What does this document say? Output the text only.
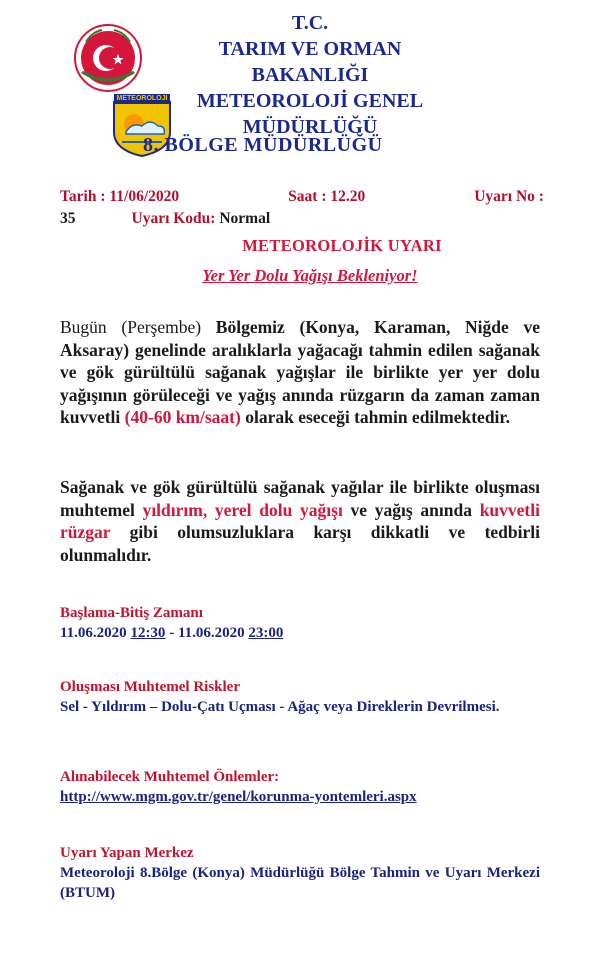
METEOROLOJI
T.C.
TARIM VE ORMAN
BAKANLIĞI
METEOROLOJİ GENEL
MÜDÜRLÜĞÜ
8. BÖLGE MÜDÜRLÜĞÜ
Tarih : 11/06/2020	Saat : 12.20	Uyarı No :
35	Uyarı Kodu: Normal
METEOROLOJİK UYARI
Yer Yer Dolu Yağışı Bekleniyor!

Bugün (Perşembe) Bölgemiz (Konya, Karaman, Niğde ve Aksaray) genelinde aralıklarla yağacağı tahmin edilen sağanak ve gök gürültülü sağanak yağışlar ile birlikte yer yer dolu yağışının görüleceği ve yağış anında rüzgarın da zaman zaman kuvvetli (40-60 km/saat) olarak eseceği tahmin edilmektedir.

Sağanak ve gök gürültülü sağanak yağılar ile birlikte oluşması muhtemel yıldırım, yerel dolu yağışı ve yağış anında kuvvetli rüzgar gibi olumsuzluklara karşı dikkatli ve tedbirli olunmalıdır.

Başlama-Bitiş Zamanı
11.06.2020 12:30 - 11.06.2020 23:00
Oluşması Muhtemel Riskler
Sel - Yıldırım – Dolu-Çatı Uçması - Ağaç veya Direklerin Devrilmesi.
Alınabilecek Muhtemel Önlemler:
http://www.mgm.gov.tr/genel/korunma-yontemleri.aspx
Uyarı Yapan Merkez
Meteoroloji 8.Bölge (Konya) Müdürlüğü Bölge Tahmin ve Uyarı Merkezi (BTUM)
